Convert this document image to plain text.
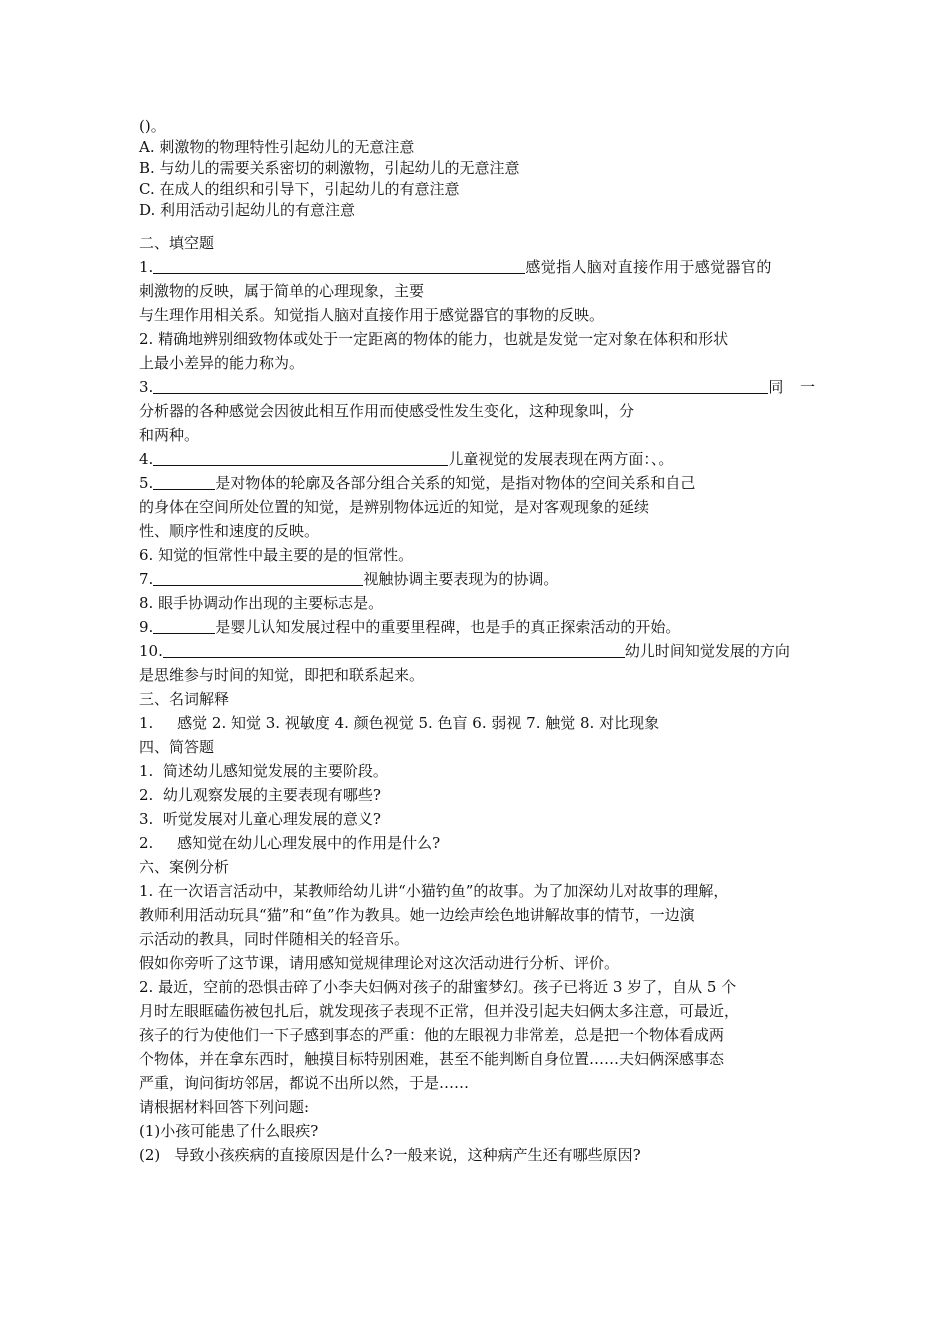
()。
A. 刺激物的物理特性引起幼儿的无意注意
B. 与幼儿的需要关系密切的刺激物，引起幼儿的无意注意
C. 在成人的组织和引导下，引起幼儿的有意注意
D. 利用活动引起幼儿的有意注意
二、填空题
1.	感觉指人脑对直接作用于感觉器官的
刺激物的反映，属于简单的心理现象，主要
与生理作用相关系。知觉指人脑对直接作用于感觉器官的事物的反映。
2. 精确地辨别细致物体或处于一定距离的物体的能力，也就是发觉一定对象在体积和形状
上最小差异的能力称为。
3.	同 一
分析器的各种感觉会因彼此相互作用而使感受性发生变化，这种现象叫，分
和两种。
4.	儿童视觉的发展表现在两方面：、。
5.	是对物体的轮廓及各部分组合关系的知觉，是指对物体的空间关系和自己
的身体在空间所处位置的知觉，是辨别物体远近的知觉，是对客观现象的延续
性、顺序性和速度的反映。
6. 知觉的恒常性中最主要的是的恒常性。
7.	视触协调主要表现为的协调。
8. 眼手协调动作出现的主要标志是。
9.	是婴儿认知发展过程中的重要里程碑，也是手的真正探索活动的开始。
10.	幼儿时间知觉发展的方向
是思维参与时间的知觉，即把和联系起来。
三、名词解释
1.     感觉 2. 知觉 3. 视敏度 4. 颜色视觉 5. 色盲 6. 弱视 7. 触觉 8. 对比现象
四、简答题
1.  简述幼儿感知觉发展的主要阶段。
2.  幼儿观察发展的主要表现有哪些?
3.  听觉发展对儿童心理发展的意义?
2.     感知觉在幼儿心理发展中的作用是什么?
六、案例分析
1. 在一次语言活动中，某教师给幼儿讲“小猫钓鱼”的故事。为了加深幼儿对故事的理解，
教师利用活动玩具“猫”和“鱼”作为教具。她一边绘声绘色地讲解故事的情节，一边演
示活动的教具，同时伴随相关的轻音乐。
假如你旁听了这节课，请用感知觉规律理论对这次活动进行分析、评价。
2. 最近，空前的恐惧击碎了小李夫妇俩对孩子的甜蜜梦幻。孩子已将近 3 岁了，自从 5 个
月时左眼眶磕伤被包扎后，就发现孩子表现不正常，但并没引起夫妇俩太多注意，可最近，
孩子的行为使他们一下子感到事态的严重：他的左眼视力非常差，总是把一个物体看成两
个物体，并在拿东西时，触摸目标特别困难，甚至不能判断自身位置……夫妇俩深感事态
严重，询问街坊邻居，都说不出所以然，于是……
请根据材料回答下列问题:
(1)小孩可能患了什么眼疾?
(2)   导致小孩疾病的直接原因是什么?一般来说，这种病产生还有哪些原因?
